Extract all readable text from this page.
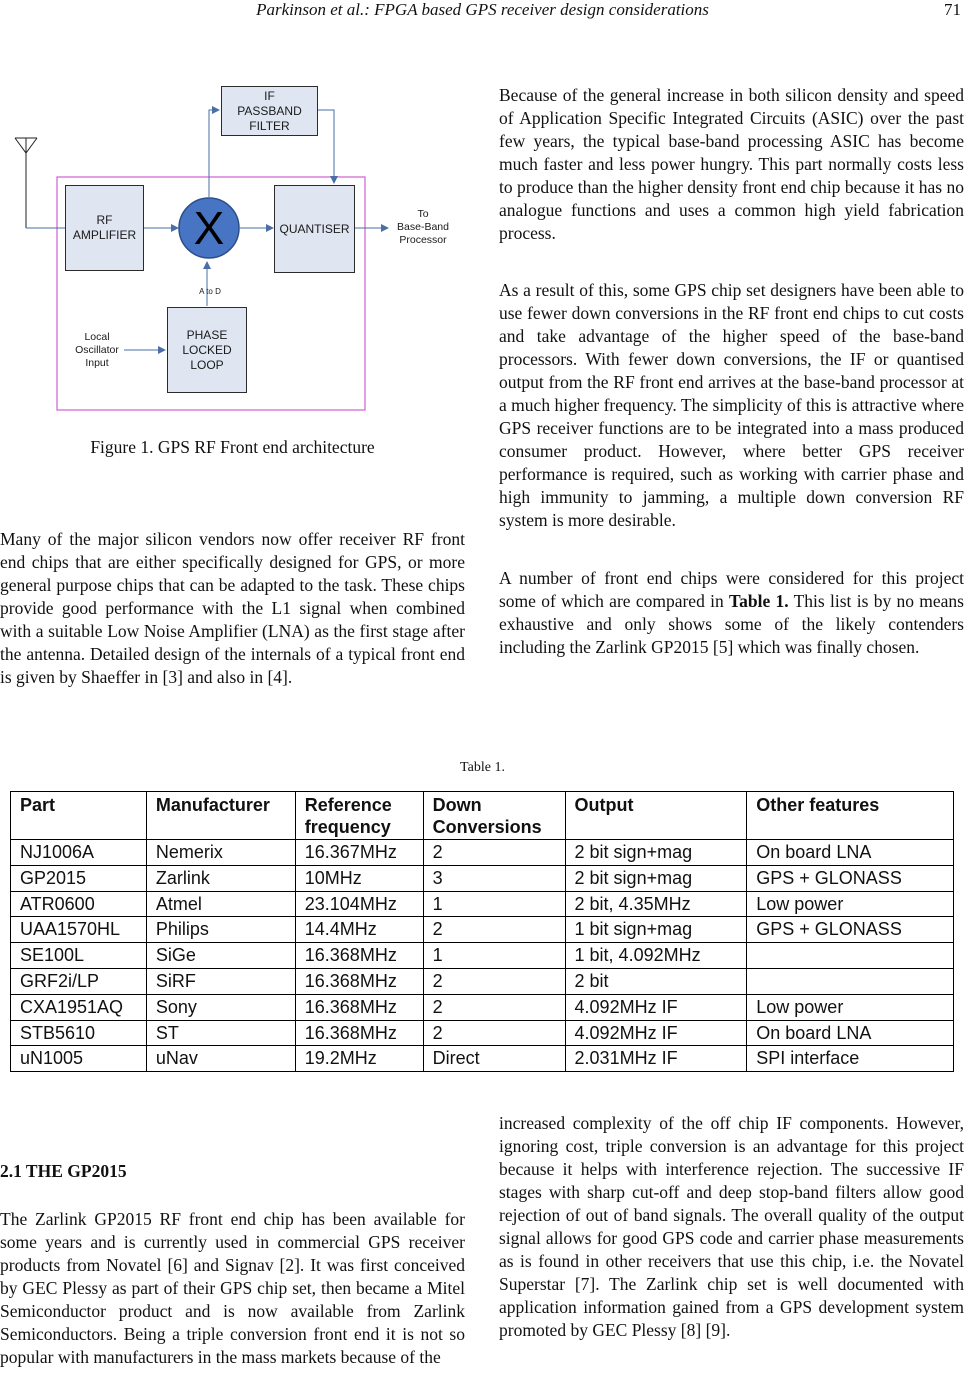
Parkinson et al.: FPGA based GPS receiver design considerations	71
IF
PASSBAND
FILTER
RF
AMPLIFIER X	QUANTISER
PHASE
LOCKED
LOOP
To
Base-Band
Processor
Local
Oscillator
Input
A to D
Figure 1. GPS RF Front end architecture

Many of the major silicon vendors now offer receiver RF front end chips that are either specifically designed for GPS, or more general purpose chips that can be adapted to the task. These chips provide good performance with the L1 signal when combined with a suitable Low Noise Amplifier (LNA) as the first stage after the antenna. Detailed design of the internals of a typical front end is given by Shaeffer in [3] and also in [4].

Because of the general increase in both silicon density and speed of Application Specific Integrated Circuits (ASIC) over the past few years, the typical base-band processing ASIC has become much faster and less power hungry. This part normally costs less to produce than the higher density front end chip because it has no analogue functions and uses a common high yield fabrication process.

As a result of this, some GPS chip set designers have been able to use fewer down conversions in the RF front end chips to cut costs and take advantage of the higher speed of the base-band processors. With fewer down conversions, the IF or quantised output from the RF front end arrives at the base-band processor at a much higher frequency. The simplicity of this is attractive where GPS receiver functions are to be integrated into a mass produced consumer product. However, where better GPS receiver performance is required, such as working with carrier phase and high immunity to jamming, a multiple down conversion RF system is more desirable.

A number of front end chips were considered for this project some of which are compared in Table 1. This list is by no means exhaustive and only shows some of the likely contenders including the Zarlink GP2015 [5] which was finally chosen.

Table 1.
Part	Manufacturer	Reference frequency	Down Conversions	Output	Other features
NJ1006A	Nemerix	16.367MHz	2	2 bit sign+mag	On board LNA
GP2015	Zarlink	10MHz	3	2 bit sign+mag	GPS + GLONASS
ATR0600	Atmel	23.104MHz	1	2 bit, 4.35MHz	Low power
UAA1570HL	Philips	14.4MHz	2	1 bit sign+mag	GPS + GLONASS
SE100L	SiGe	16.368MHz	1	1 bit, 4.092MHz	
GRF2i/LP	SiRF	16.368MHz	2	2 bit	
CXA1951AQ	Sony	16.368MHz	2	4.092MHz IF	Low power
STB5610	ST	16.368MHz	2	4.092MHz IF	On board LNA
uN1005	uNav	19.2MHz	Direct	2.031MHz IF	SPI interface
2.1 THE GP2015

The Zarlink GP2015 RF front end chip has been available for some years and is currently used in commercial GPS receiver products from Novatel [6] and Signav [2]. It was first conceived by GEC Plessy as part of their GPS chip set, then became a Mitel Semiconductor product and is now available from Zarlink Semiconductors. Being a triple conversion front end it is not so popular with manufacturers in the mass markets because of the

increased complexity of the off chip IF components. However, ignoring cost, triple conversion is an advantage for this project because it helps with interference rejection. The successive IF stages with sharp cut-off and deep stop-band filters allow good rejection of out of band signals. The overall quality of the output signal allows for good GPS code and carrier phase measurements as is found in other receivers that use this chip, i.e. the Novatel Superstar [7]. The Zarlink chip set is well documented with application information gained from a GPS development system promoted by GEC Plessy [8] [9].
